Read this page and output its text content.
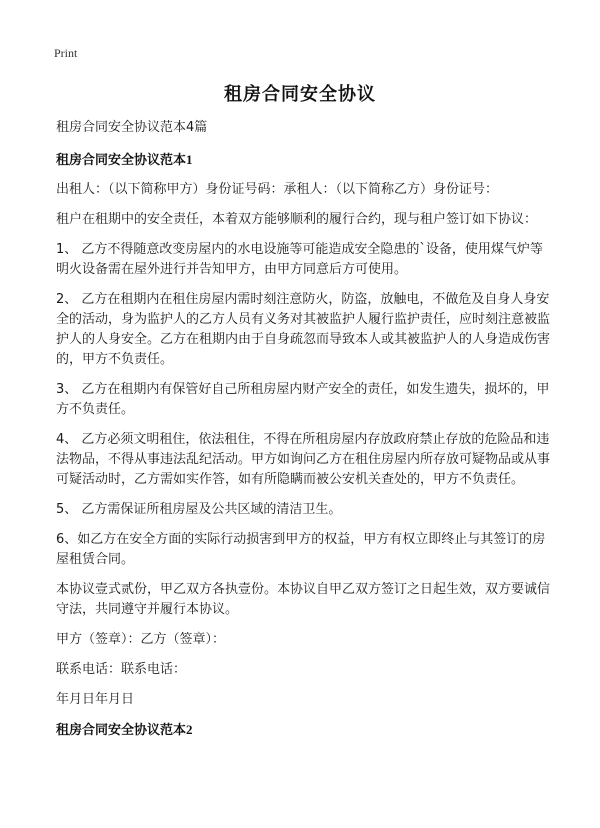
Print
租房合同安全协议
租房合同安全协议范本4篇
租房合同安全协议范本1
出租人：（以下简称甲方）身份证号码：承租人：（以下简称乙方）身份证号：
租户在租期中的安全责任，本着双方能够顺利的履行合约，现与租户签订如下协议：
1、 乙方不得随意改变房屋内的水电设施等可能造成安全隐患的`设备，使用煤气炉等明火设备需在屋外进行并告知甲方，由甲方同意后方可使用。
2、 乙方在租期内在租住房屋内需时刻注意防火，防盗，放触电，不做危及自身人身安全的活动，身为监护人的乙方人员有义务对其被监护人履行监护责任，应时刻注意被监护人的人身安全。乙方在租期内由于自身疏忽而导致本人或其被监护人的人身造成伤害的，甲方不负责任。
3、 乙方在租期内有保管好自己所租房屋内财产安全的责任，如发生遗失，损坏的，甲方不负责任。
4、 乙方必须文明租住，依法租住，不得在所租房屋内存放政府禁止存放的危险品和违法物品，不得从事违法乱纪活动。甲方如询问乙方在租住房屋内所存放可疑物品或从事可疑活动时，乙方需如实作答，如有所隐瞒而被公安机关查处的，甲方不负责任。
5、 乙方需保证所租房屋及公共区域的清洁卫生。
6、如乙方在安全方面的实际行动损害到甲方的权益，甲方有权立即终止与其签订的房屋租赁合同。
本协议壹式贰份，甲乙双方各执壹份。本协议自甲乙双方签订之日起生效，双方要诚信守法，共同遵守并履行本协议。
甲方（签章）：乙方（签章）：
联系电话：联系电话：
年月日年月日
租房合同安全协议范本2
